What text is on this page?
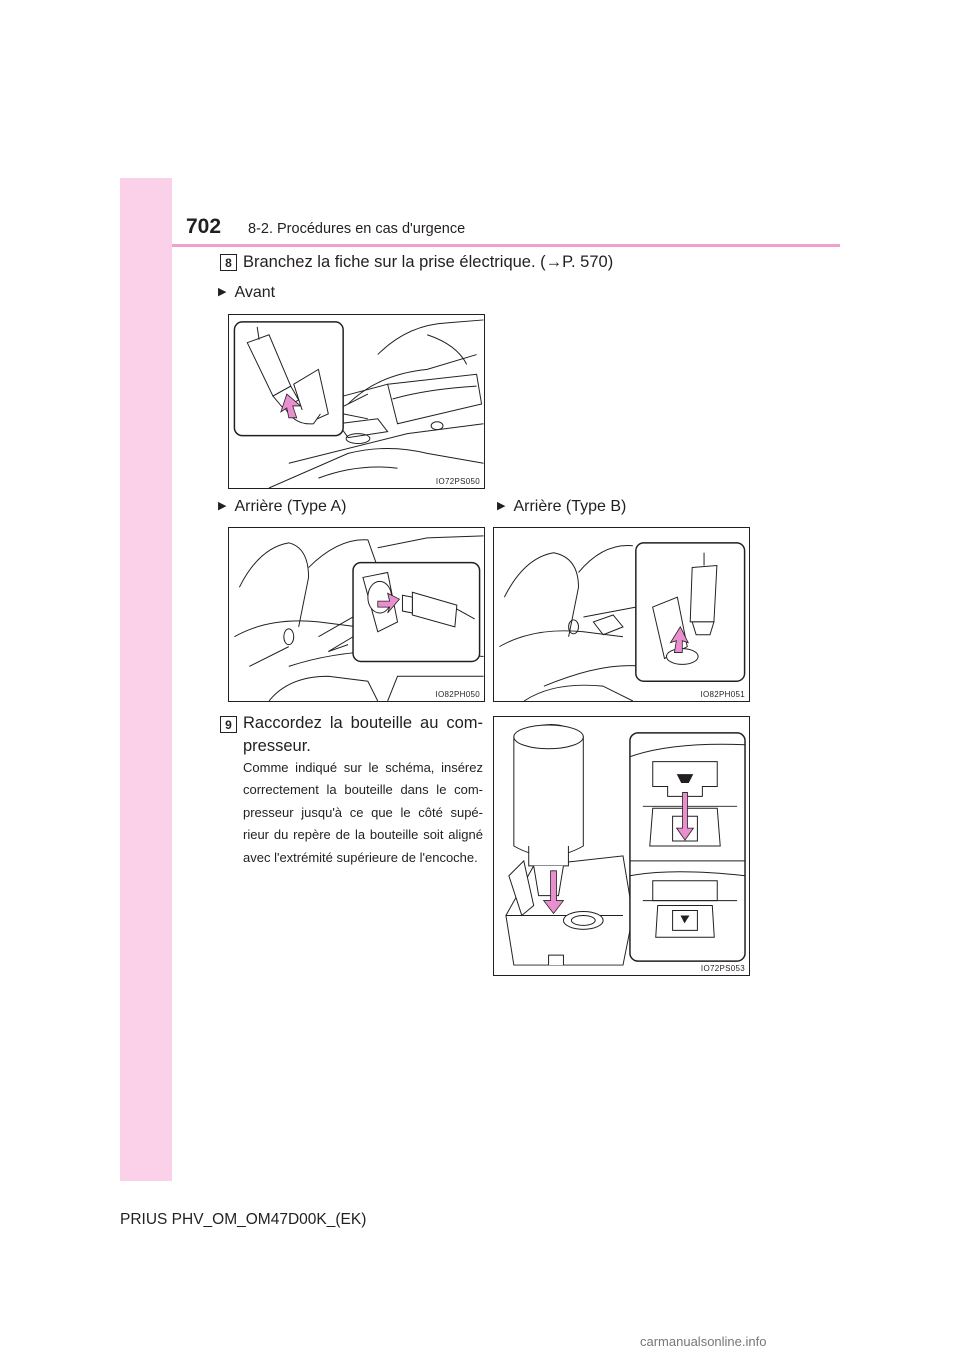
702 8-2. Procédures en cas d'urgence
8 Branchez la fiche sur la prise électrique. (→P. 570)
▶ Avant
IO72PS050
▶ Arrière (Type A)	▶ Arrière (Type B)
IO82PH050	IO82PH051
9 Raccordez la bouteille au com-
presseur.
Comme indiqué sur le schéma, insérez correctement la bouteille dans le com-presseur jusqu'à ce que le côté supé-rieur du repère de la bouteille soit aligné avec l'extrémité supérieure de l'encoche.
IO72PS053
PRIUS PHV_OM_OM47D00K_(EK)
carmanualsonline.info
